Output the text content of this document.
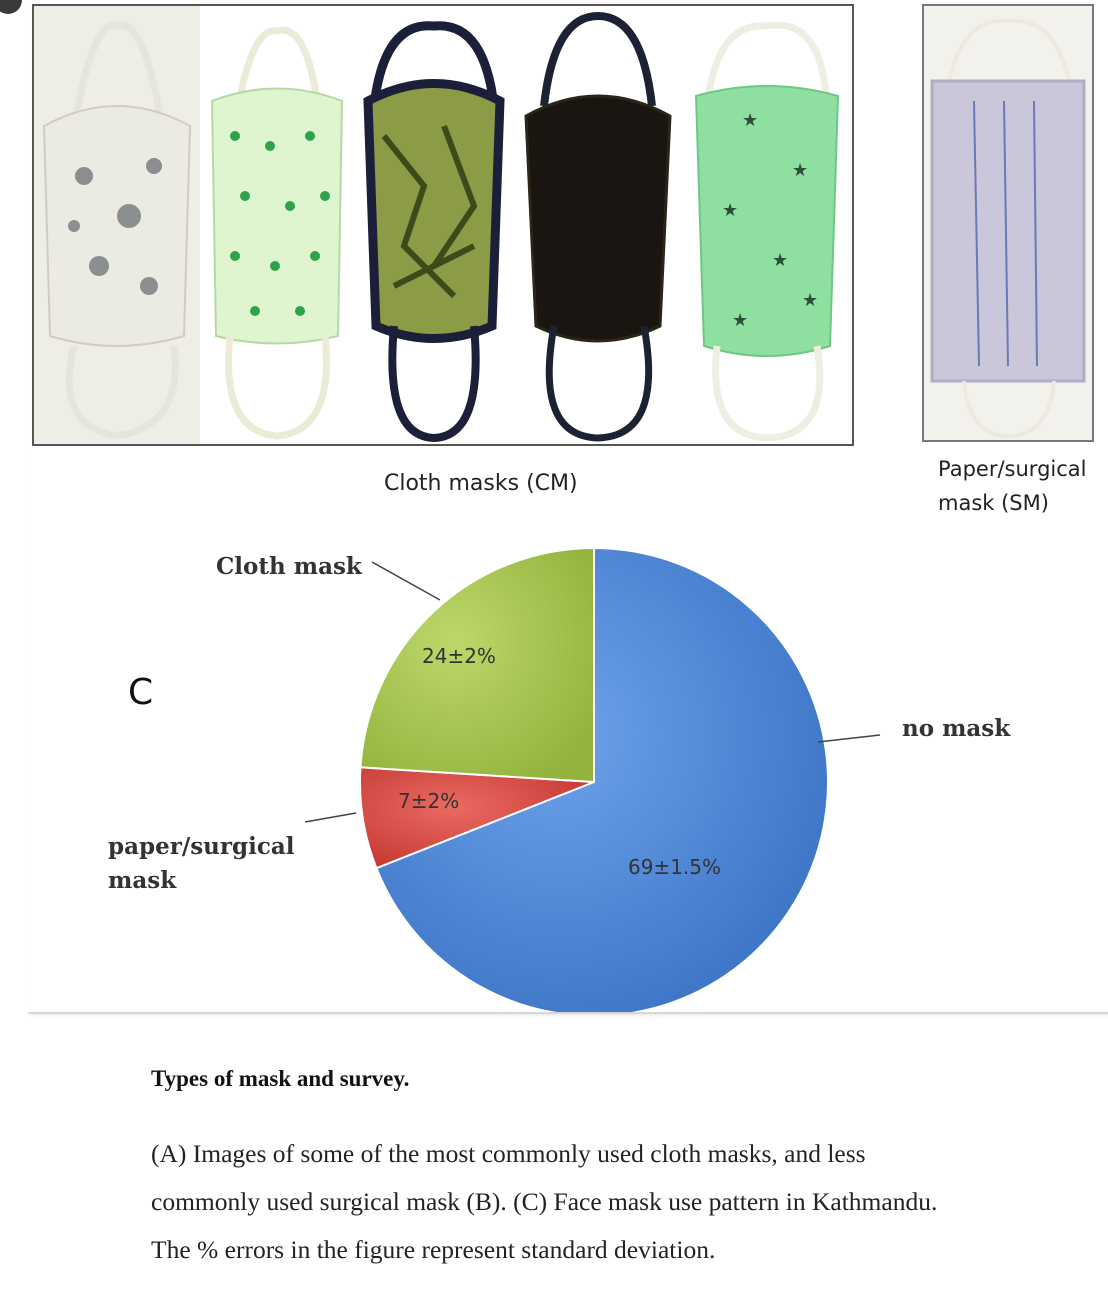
★
★
★
★
★
★
Cloth masks (CM)
Paper/surgical
mask (SM)
C
Cloth mask
paper/surgical
mask
no mask
24±2%
7±2%
69±1.5%
Types of mask and survey.
(A) Images of some of the most commonly used cloth masks, and less commonly used surgical mask (B). (C) Face mask use pattern in Kathmandu. The % errors in the figure represent standard deviation.
